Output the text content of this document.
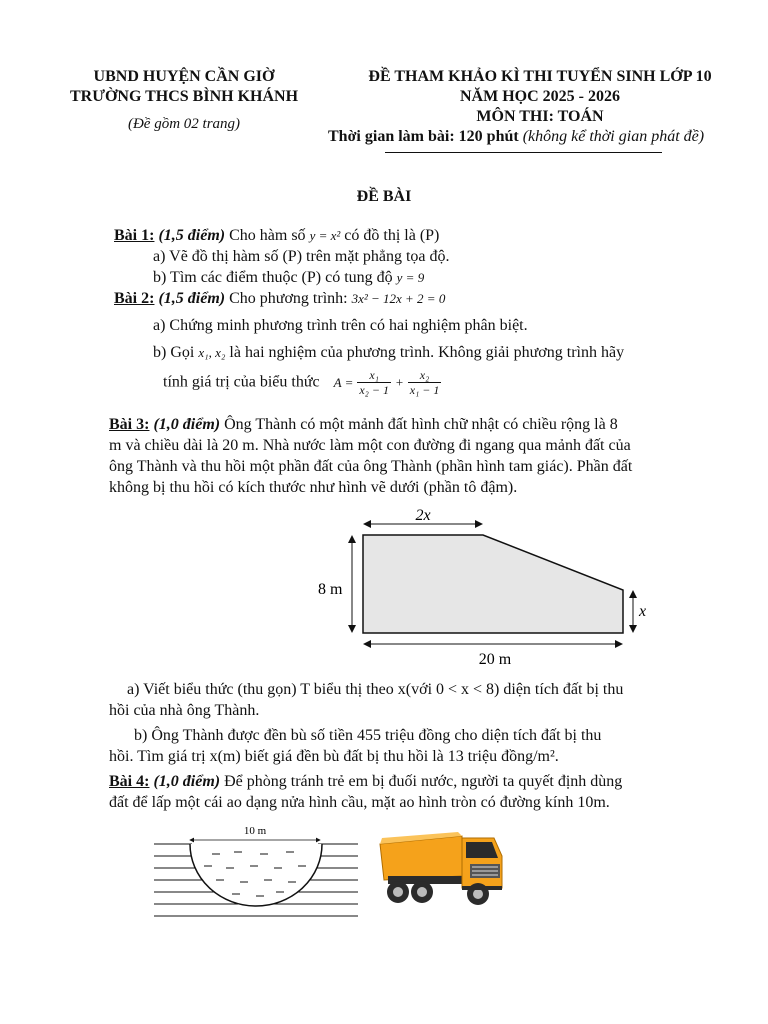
UBND HUYỆN CẦN GIỜ
TRƯỜNG THCS BÌNH KHÁNH
(Đề gồm 02 trang)
ĐỀ THAM KHẢO KÌ THI TUYỂN SINH LỚP 10
NĂM HỌC 2025 - 2026
MÔN THI: TOÁN
Thời gian làm bài: 120 phút (không kể thời gian phát đề)
ĐỀ BÀI
Bài 1: (1,5 điểm) Cho hàm số y = x² có đồ thị là (P)
a) Vẽ đồ thị hàm số (P) trên mặt phẳng tọa độ.
b) Tìm các điểm thuộc (P) có tung độ y = 9
Bài 2: (1,5 điểm) Cho phương trình: 3x² − 12x + 2 = 0
a) Chứng minh phương trình trên có hai nghiệm phân biệt.
b) Gọi x₁, x₂ là hai nghiệm của phương trình. Không giải phương trình hãy
tính giá trị của biểu thức $A = \frac{\text{x₁}}{\text{x₂ − 1}} + \frac{\text{x₂}}{\text{x₁ − 1}}$
Bài 3: (1,0 điểm) Ông Thành có một mảnh đất hình chữ nhật có chiều rộng là 8
m và chiều dài là 20 m. Nhà nước làm một con đường đi ngang qua mảnh đất của
ông Thành và thu hồi một phần đất của ông Thành (phần hình tam giác). Phần đất
không bị thu hồi có kích thước như hình vẽ dưới (phần tô đậm).
2x
8 m
x
20 m
a) Viết biểu thức (thu gọn) T biểu thị theo x(với 0 < x < 8) diện tích đất bị thu
hồi của nhà ông Thành.
b) Ông Thành được đền bù số tiền 455 triệu đồng cho diện tích đất bị thu
hồi. Tìm giá trị x(m) biết giá đền bù đất bị thu hồi là 13 triệu đồng/m².
Bài 4: (1,0 điểm) Để phòng tránh trẻ em bị đuối nước, người ta quyết định dùng
đất để lấp một cái ao dạng nửa hình cầu, mặt ao hình tròn có đường kính 10m.
10 m
